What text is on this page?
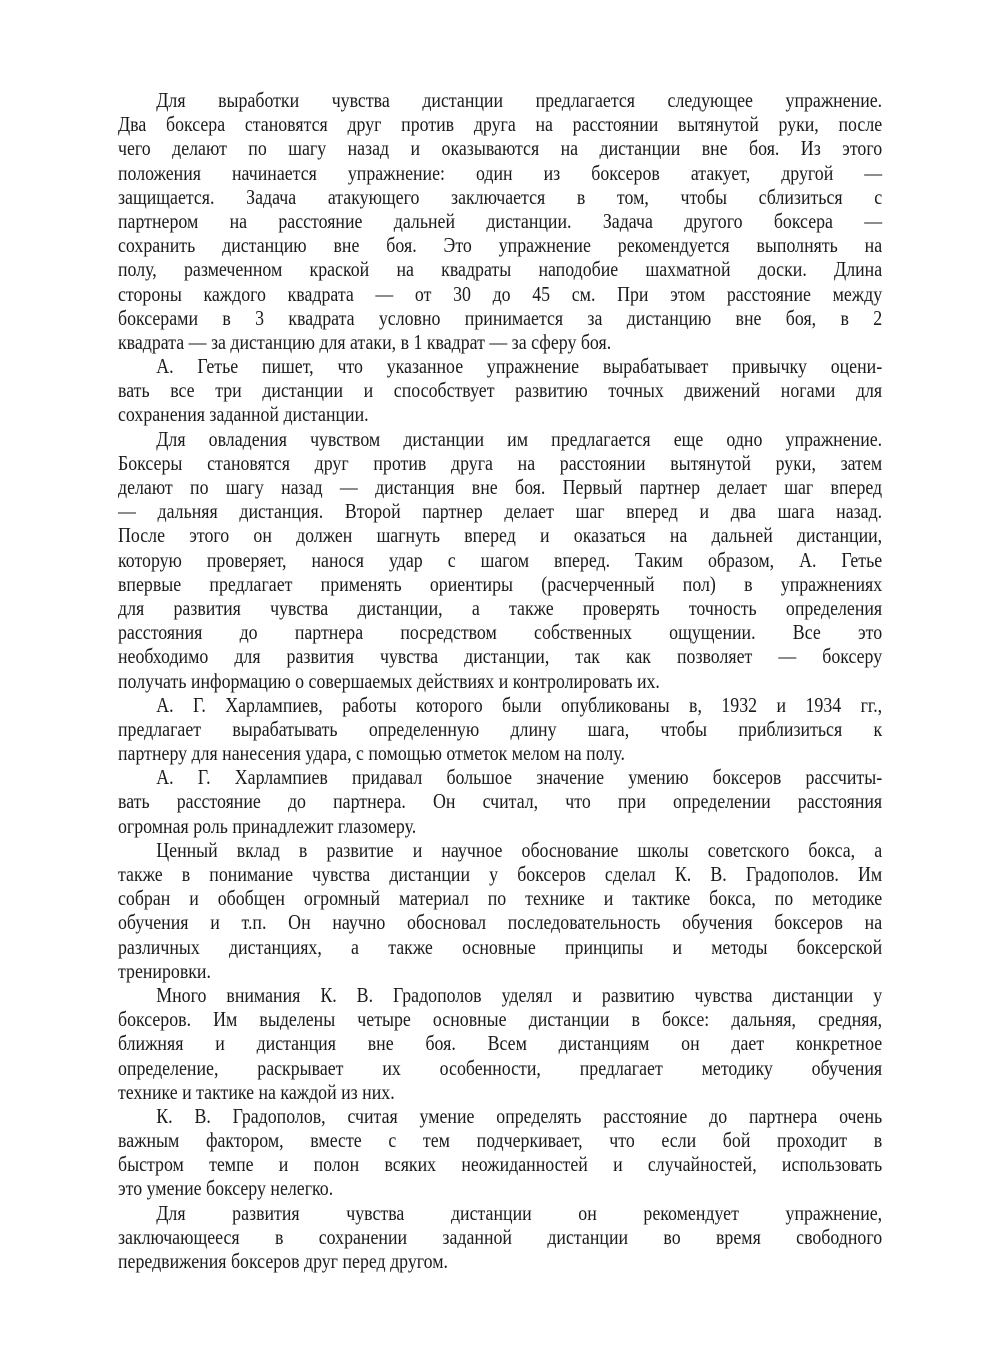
Для выработки чувства дистанции предлагается следующее упражнение.
Два боксера становятся друг против друга на расстоянии вытянутой руки, после
чего делают по шагу назад и оказываются на дистанции вне боя. Из этого
положения начинается упражнение: один из боксеров атакует, другой —
защищается. Задача атакующего заключается в том, чтобы сблизиться с
партнером на расстояние дальней дистанции. Задача другого боксера —
сохранить дистанцию вне боя. Это упражнение рекомендуется выполнять на
полу, размеченном краской на квадраты наподобие шахматной доски. Длина
стороны каждого квадрата — от 30 до 45 см. При этом расстояние между
боксерами в 3 квадрата условно принимается за дистанцию вне боя, в 2
квадрата — за дистанцию для атаки, в 1 квадрат — за сферу боя.
А. Гетье пишет, что указанное упражнение вырабатывает привычку оцени-
вать все три дистанции и способствует развитию точных движений ногами для
сохранения заданной дистанции.
Для овладения чувством дистанции им предлагается еще одно упражнение.
Боксеры становятся друг против друга на расстоянии вытянутой руки, затем
делают по шагу назад — дистанция вне боя. Первый партнер делает шаг вперед
— дальняя дистанция. Второй партнер делает шаг вперед и два шага назад.
После этого он должен шагнуть вперед и оказаться на дальней дистанции,
которую проверяет, нанося удар с шагом вперед. Таким образом, А. Гетье
впервые предлагает применять ориентиры (расчерченный пол) в упражнениях
для развития чувства дистанции, а также проверять точность определения
расстояния до партнера посредством собственных ощущении. Все это
необходимо для развития чувства дистанции, так как позволяет — боксеру
получать информацию о совершаемых действиях и контролировать их.
А. Г. Харлампиев, работы которого были опубликованы в, 1932 и 1934 гг.,
предлагает вырабатывать определенную длину шага, чтобы приблизиться к
партнеру для нанесения удара, с помощью отметок мелом на полу.
А. Г. Харлампиев придавал большое значение умению боксеров рассчиты-
вать расстояние до партнера. Он считал, что при определении расстояния
огромная роль принадлежит глазомеру.
Ценный вклад в развитие и научное обоснование школы советского бокса, а
также в понимание чувства дистанции у боксеров сделал К. В. Градополов. Им
собран и обобщен огромный материал по технике и тактике бокса, по методике
обучения и т.п. Он научно обосновал последовательность обучения боксеров на
различных дистанциях, а также основные принципы и методы боксерской
тренировки.
Много внимания К. В. Градополов уделял и развитию чувства дистанции у
боксеров. Им выделены четыре основные дистанции в боксе: дальняя, средняя,
ближняя и дистанция вне боя. Всем дистанциям он дает конкретное
определение, раскрывает их особенности, предлагает методику обучения
технике и тактике на каждой из них.
К. В. Градополов, считая умение определять расстояние до партнера очень
важным фактором, вместе с тем подчеркивает, что если бой проходит в
быстром темпе и полон всяких неожиданностей и случайностей, использовать
это умение боксеру нелегко.
Для развития чувства дистанции он рекомендует упражнение,
заключающееся в сохранении заданной дистанции во время свободного
передвижения боксеров друг перед другом.
